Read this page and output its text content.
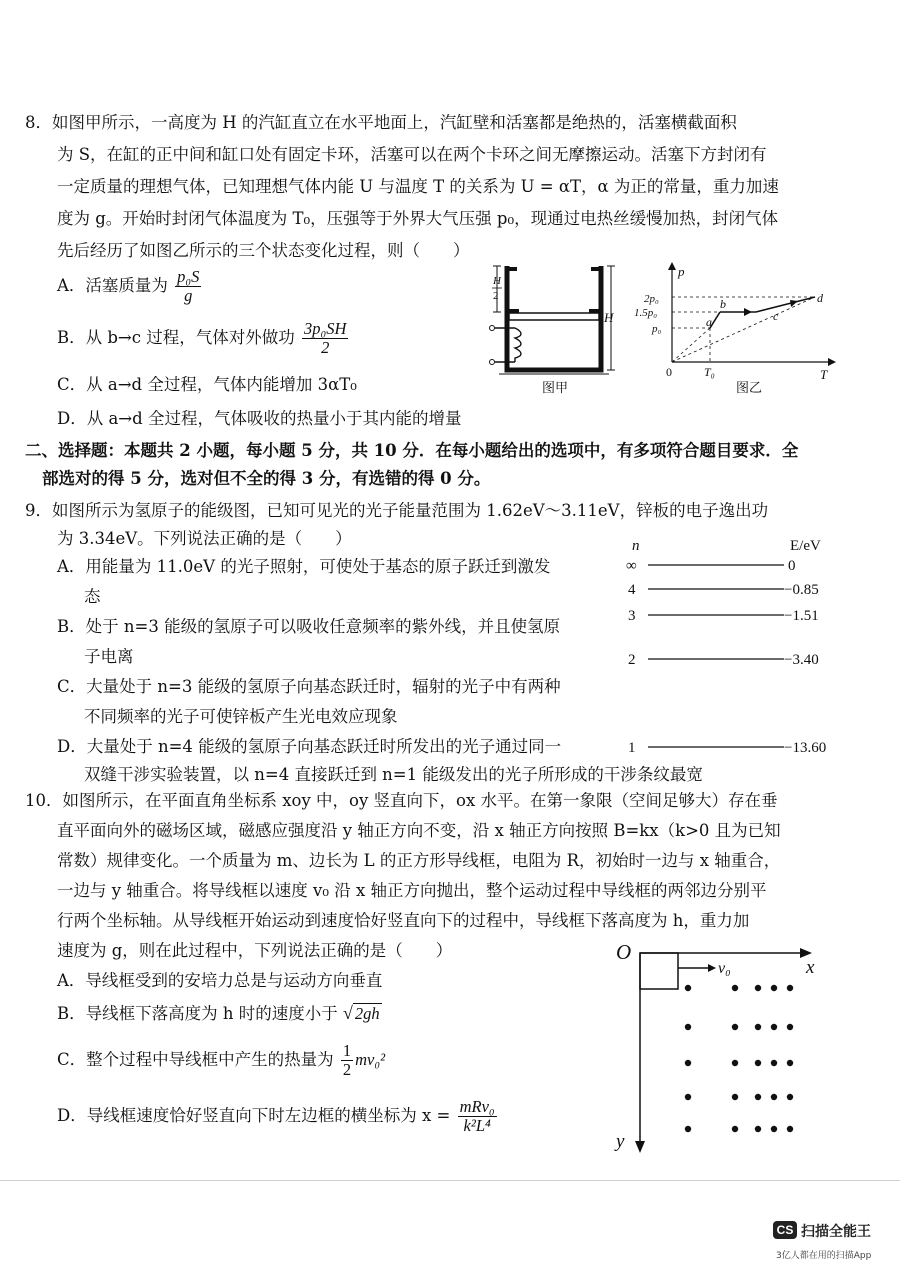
8．如图甲所示，一高度为 H 的汽缸直立在水平地面上，汽缸壁和活塞都是绝热的，活塞横截面积
为 S，在缸的正中间和缸口处有固定卡环，活塞可以在两个卡环之间无摩擦运动。活塞下方封闭有
一定质量的理想气体，已知理想气体内能 U 与温度 T 的关系为 U = αT，α 为正的常量，重力加速
度为 g。开始时封闭气体温度为 T₀，压强等于外界大气压强 p₀，现通过电热丝缓慢加热，封闭气体
先后经历了如图乙所示的三个状态变化过程，则（　　）
A．活塞质量为 $\frac{\text{p₀S}}{g}$
B．从 b→c 过程，气体对外做功 $\frac{\text{3p₀SH}}{2}$
C．从 a→d 全过程，气体内能增加 3αT₀
D．从 a→d 全过程，气体吸收的热量小于其内能的增量
H
2
H
图甲
p
T
0	T₀
2p₀
1.5p₀
p₀	a
b
c
d
图乙
二、选择题：本题共 2 小题，每小题 5 分，共 10 分．在每小题给出的选项中，有多项符合题目要求．全
部选对的得 5 分，选对但不全的得 3 分，有选错的得 0 分。
9．如图所示为氢原子的能级图，已知可见光的光子能量范围为 1.62eV～3.11eV，锌板的电子逸出功
为 3.34eV。下列说法正确的是（　　）
A．用能量为 11.0eV 的光子照射，可使处于基态的原子跃迁到激发
态
B．处于 n=3 能级的氢原子可以吸收任意频率的紫外线，并且使氢原
子电离
C．大量处于 n=3 能级的氢原子向基态跃迁时，辐射的光子中有两种
不同频率的光子可使锌板产生光电效应现象
D．大量处于 n=4 能级的氢原子向基态跃迁时所发出的光子通过同一
双缝干涉实验装置，以 n=4 直接跃迁到 n=1 能级发出的光子所形成的干涉条纹最宽
n	E/eV
∞	0
4	−0.85
3	−1.51
2	−3.40
1	−13.60
10．如图所示，在平面直角坐标系 xoy 中，oy 竖直向下，ox 水平。在第一象限（空间足够大）存在垂
直平面向外的磁场区域，磁感应强度沿 y 轴正方向不变，沿 x 轴正方向按照 B=kx（k>0 且为已知
常数）规律变化。一个质量为 m、边长为 L 的正方形导线框，电阻为 R，初始时一边与 x 轴重合，
一边与 y 轴重合。将导线框以速度 v₀ 沿 x 轴正方向抛出，整个运动过程中导线框的两邻边分别平
行两个坐标轴。从导线框开始运动到速度恰好竖直向下的过程中，导线框下落高度为 h，重力加
速度为 g，则在此过程中，下列说法正确的是（　　）
A．导线框受到的安培力总是与运动方向垂直
B．导线框下落高度为 h 时的速度小于 √ 2gh
C．整个过程中导线框中产生的热量为 $\frac{1}{2} mv_0^2$
D．导线框速度恰好竖直向下时左边框的横坐标为 $x = \frac{\text{mRv₀}}{\text{k²L⁴}}$
O
x
y
v₀
CS 扫描全能王
3亿人都在用的扫描App
